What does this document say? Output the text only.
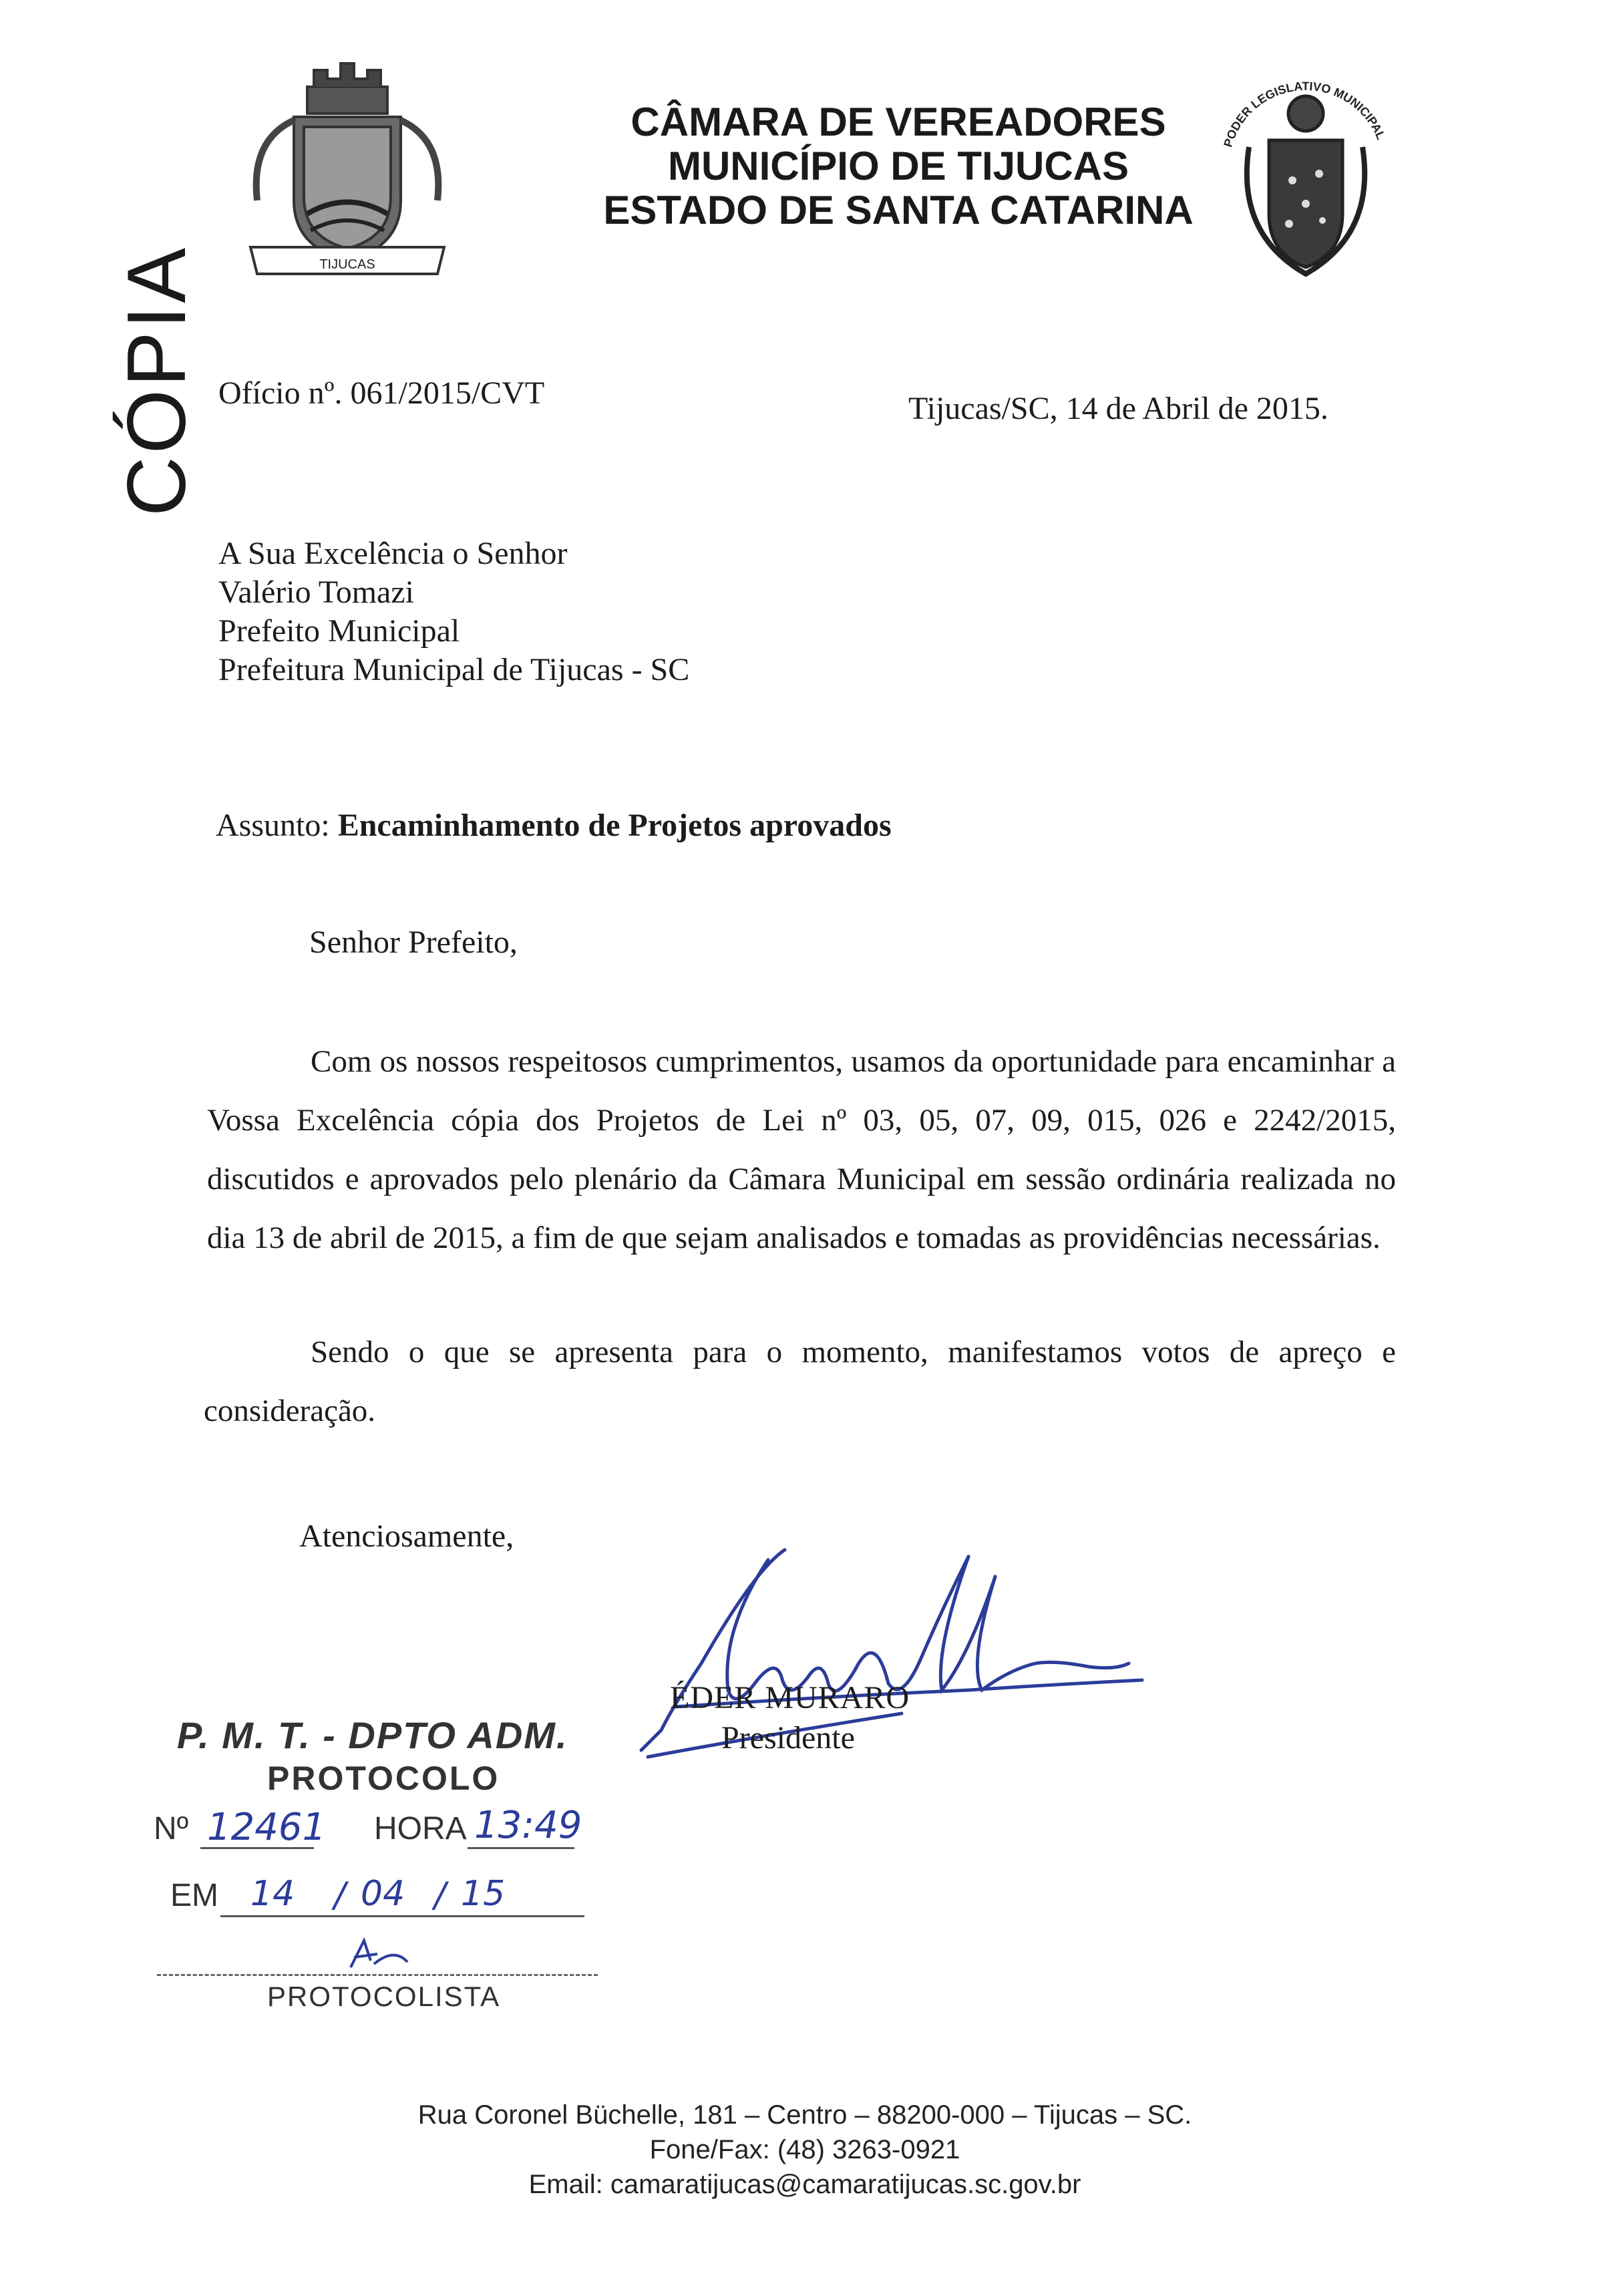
CÓPIA	TIJUCAS
CÂMARA DE VEREADORES
MUNICÍPIO DE TIJUCAS
ESTADO DE SANTA CATARINA
PODER LEGISLATIVO MUNICIPAL
Ofício nº. 061/2015/CVT	Tijucas/SC, 14 de Abril de 2015.
A Sua Excelência o Senhor
Valério Tomazi
Prefeito Municipal
Prefeitura Municipal de Tijucas - SC
Assunto: Encaminhamento de Projetos aprovados
Senhor Prefeito,
Com os nossos respeitosos cumprimentos, usamos da oportunidade para encaminhar a Vossa Excelência cópia dos Projetos de Lei nº 03, 05, 07, 09, 015, 026 e 2242/2015, discutidos e aprovados pelo plenário da Câmara Municipal em sessão ordinária realizada no dia 13 de abril de 2015, a fim de que sejam analisados e tomadas as providências necessárias.
Sendo o que se apresenta para o momento, manifestamos votos de apreço e consideração.
Atenciosamente,
ÉDER MURARO
Presidente
P. M. T. - DPTO ADM.
PROTOCOLO
Nº 12461 HORA 13:49
EM 14 / 04 / 15
PROTOCOLISTA
Rua Coronel Büchelle, 181 – Centro – 88200-000 – Tijucas – SC.
Fone/Fax: (48) 3263-0921
Email: camaratijucas@camaratijucas.sc.gov.br
